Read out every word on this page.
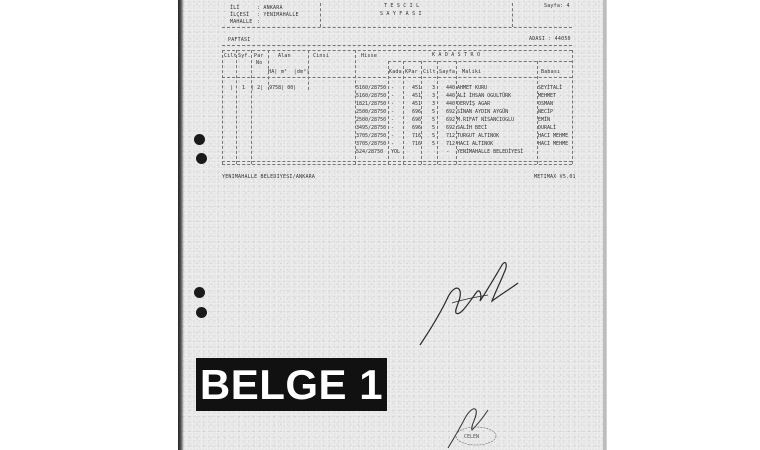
İLİ	: ANKARA
İLÇESİ : YENIMAHALLE
MAHALLE :
T E S C I L
S A Y F A S I
Sayfa: 4
PAFTASI	ADASI : 44050
Cilt Syf. Par
No
Alan	Cinsi	Hisse	K A D A S T R O
HA| m²  |dm²|	Kada KPar Cilt Sayfa Maliki	Babası
|   1  | 2|  9758| 00|	5160/28750 -	451 3 440 AHMET KURU	SEYİTALİ
5160/28750 -	451 3 440 ALİ İHSAN OGULTÜRK	MEHMET
1821/28750 -	451 3 440 DERVİŞ AGAR	OSMAN
2500/28750 -	696 5 692 SİNAN AYDIN AYGÜN	NECİP
2500/28750 -	696 5 692 M.RIFAT NİSANCIOGLU	EMİN
3495/28750 -	696 5 692 SALİH BECİ	DURALİ
3705/28750 -	716 5 712 TURGUT ALTINOK	HACI MEHME
3705/28750 -	716 5 712 HACI ALTINOK	HACI MEHME
524/28750 YOL	- YENİMAHALLE BELEDİYESİ
YENIMAHALLE BELEDIYESI/ANKARA	METIMAX V5.01
CELEN
BELGE 1
